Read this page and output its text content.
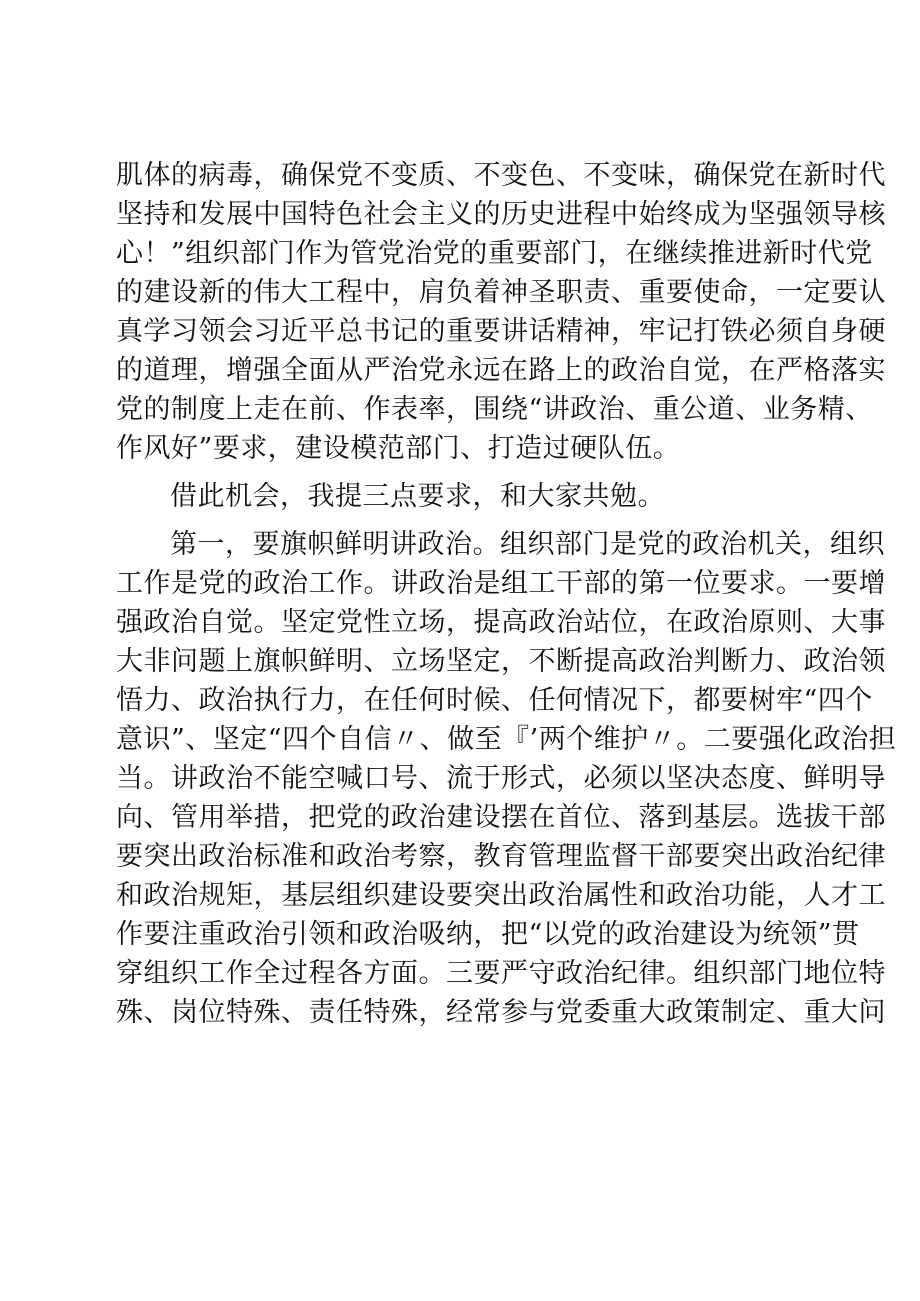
肌体的病毒，确保党不变质、不变色、不变味，确保党在新时代
坚持和发展中国特色社会主义的历史进程中始终成为坚强领导核
心！”组织部门作为管党治党的重要部门，在继续推进新时代党
的建设新的伟大工程中，肩负着神圣职责、重要使命，一定要认
真学习领会习近平总书记的重要讲话精神，牢记打铁必须自身硬
的道理，增强全面从严治党永远在路上的政治自觉，在严格落实
党的制度上走在前、作表率，围绕“讲政治、重公道、业务精、
作风好”要求，建设模范部门、打造过硬队伍。
借此机会，我提三点要求，和大家共勉。
第一，要旗帜鲜明讲政治。组织部门是党的政治机关，组织
工作是党的政治工作。讲政治是组工干部的第一位要求。一要增
强政治自觉。坚定党性立场，提高政治站位，在政治原则、大事
大非问题上旗帜鲜明、立场坚定，不断提高政治判断力、政治领
悟力、政治执行力，在任何时候、任何情况下，都要树牢“四个
意识”、坚定“四个自信〃、做至『’两个维护〃。二要强化政治担
当。讲政治不能空喊口号、流于形式，必须以坚决态度、鲜明导
向、管用举措，把党的政治建设摆在首位、落到基层。选拔干部
要突出政治标准和政治考察，教育管理监督干部要突出政治纪律
和政治规矩，基层组织建设要突出政治属性和政治功能，人才工
作要注重政治引领和政治吸纳，把“以党的政治建设为统领”贯
穿组织工作全过程各方面。三要严守政治纪律。组织部门地位特
殊、岗位特殊、责任特殊，经常参与党委重大政策制定、重大问
